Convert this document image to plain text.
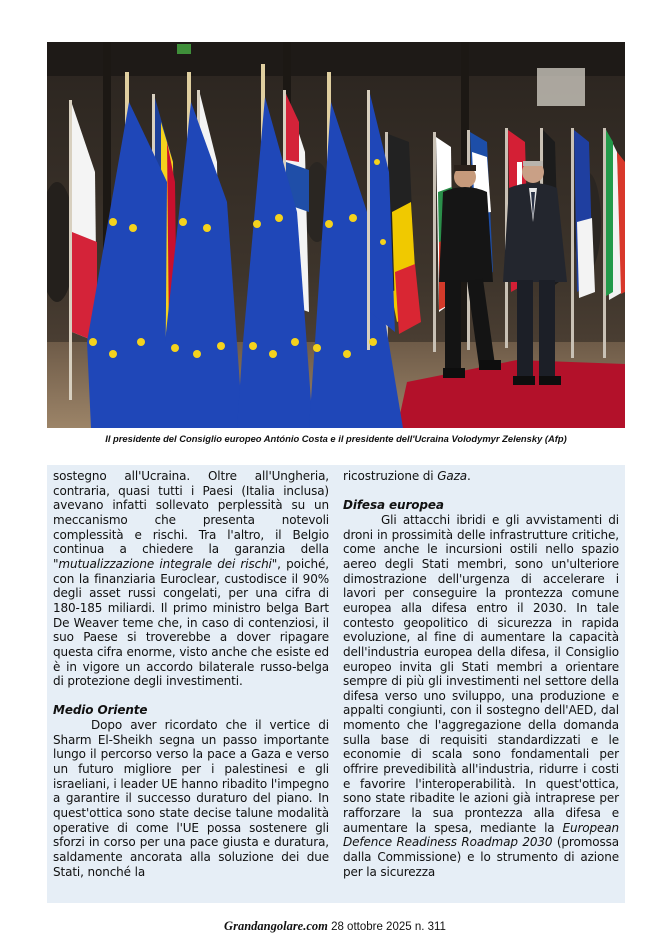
Il presidente del Consiglio europeo António Costa e il presidente dell'Ucraina Volodymyr Zelensky (Afp)

sostegno all'Ucraina. Oltre all'Ungheria, contraria, quasi tutti i Paesi (Italia inclusa) avevano infatti sollevato perplessità su un meccanismo che presenta notevoli complessità e rischi. Tra l'altro, il Belgio continua a chiedere la garanzia della "mutualizzazione integrale dei rischi", poiché, con la finanziaria Euroclear, custodisce il 90% degli asset russi congelati, per una cifra di 180-185 miliardi. Il primo ministro belga Bart De Weaver teme che, in caso di contenziosi, il suo Paese si troverebbe a dover ripagare questa cifra enorme, visto anche che esiste ed è in vigore un accordo bilaterale russo-belga di protezione degli investimenti.

Medio Oriente

Dopo aver ricordato che il vertice di Sharm El-Sheikh segna un passo importante lungo il percorso verso la pace a Gaza e verso un futuro migliore per i palestinesi e gli israeliani, i leader UE hanno ribadito l'impegno a garantire il successo duraturo del piano. In quest'ottica sono state decise talune modalità operative di come l'UE possa sostenere gli sforzi in corso per una pace giusta e duratura, saldamente ancorata alla soluzione dei due Stati, nonché la

ricostruzione di Gaza.

Difesa europea

Gli attacchi ibridi e gli avvistamenti di droni in prossimità delle infrastrutture critiche, come anche le incursioni ostili nello spazio aereo degli Stati membri, sono un'ulteriore dimostrazione dell'urgenza di accelerare i lavori per conseguire la prontezza comune europea alla difesa entro il 2030. In tale contesto geopolitico di sicurezza in rapida evoluzione, al fine di aumentare la capacità dell'industria europea della difesa, il Consiglio europeo invita gli Stati membri a orientare sempre di più gli investimenti nel settore della difesa verso uno sviluppo, una produzione e appalti congiunti, con il sostegno dell'AED, dal momento che l'aggregazione della domanda sulla base di requisiti standardizzati e le economie di scala sono fondamentali per offrire prevedibilità all'industria, ridurre i costi e favorire l'interoperabilità. In quest'ottica, sono state ribadite le azioni già intraprese per rafforzare la sua prontezza alla difesa e aumentare la spesa, mediante la European Defence Readiness Roadmap 2030 (promossa dalla Commissione) e lo strumento di azione per la sicurezza

Grandangolare.com 28 ottobre 2025 n. 311
